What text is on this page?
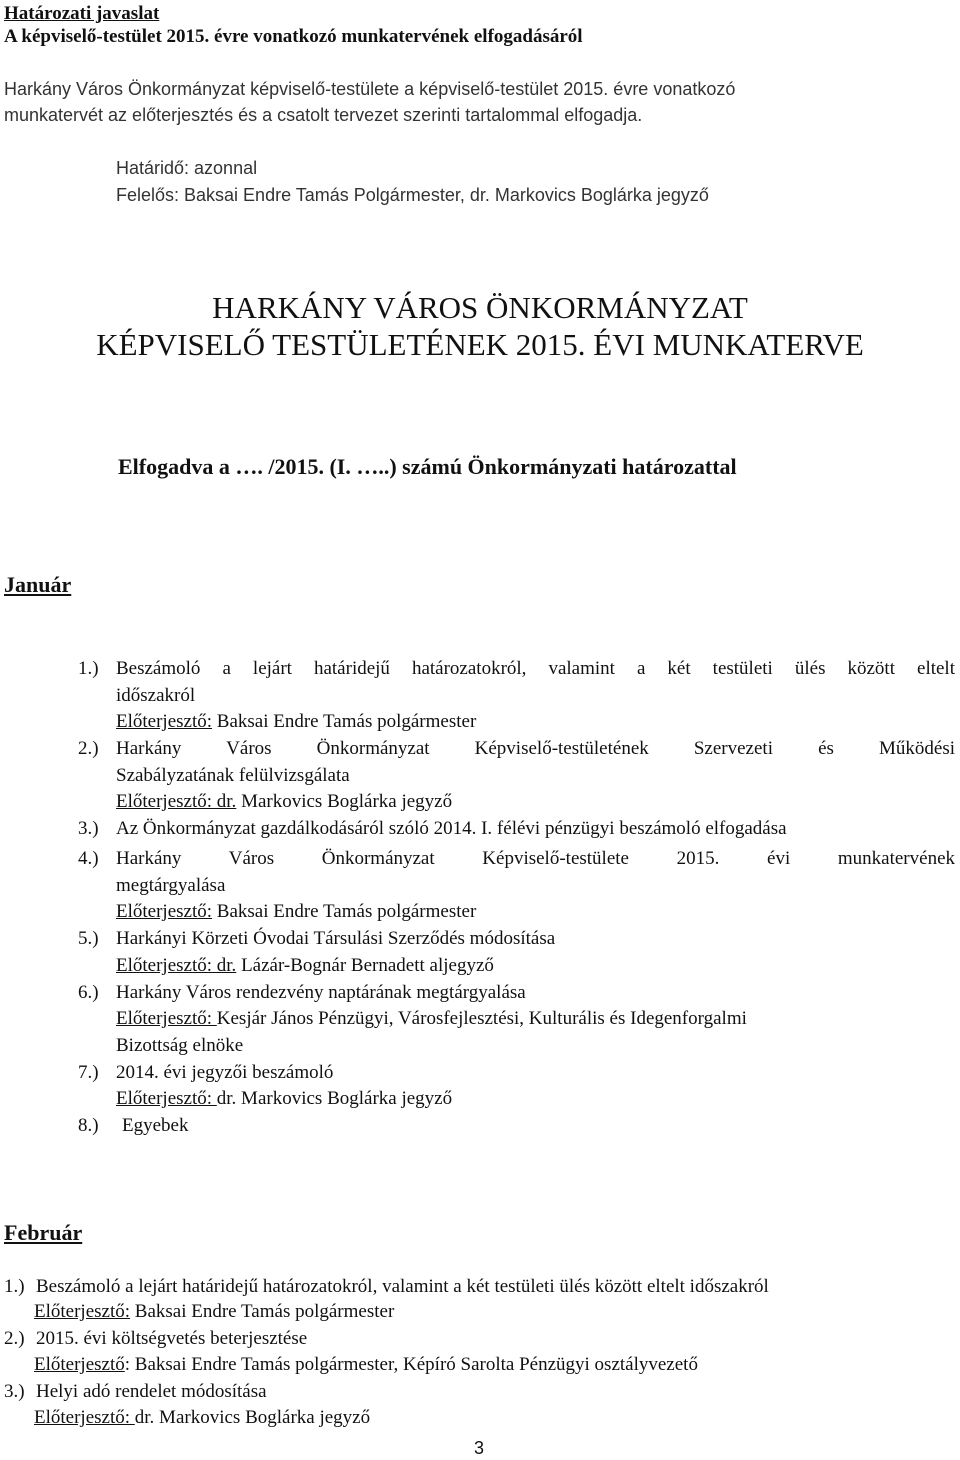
Határozati javaslat
A képviselő-testület 2015. évre vonatkozó munkatervének elfogadásáról
Harkány Város Önkormányzat képviselő-testülete a képviselő-testület 2015. évre vonatkozó
munkatervét az előterjesztés és a csatolt tervezet szerinti tartalommal elfogadja.
Határidő: azonnal
Felelős: Baksai Endre Tamás Polgármester, dr. Markovics Boglárka jegyző
HARKÁNY VÁROS ÖNKORMÁNYZAT
KÉPVISELŐ TESTÜLETÉNEK 2015. ÉVI MUNKATERVE
Elfogadva a …. /2015. (I. …..) számú Önkormányzati határozattal
Január
1.) Beszámoló a lejárt határidejű határozatokról, valamint a két testületi ülés között eltelt
időszakról
Előterjesztő: Baksai Endre Tamás polgármester
2.) Harkány Város Önkormányzat Képviselő-testületének Szervezeti és Működési
Szabályzatának felülvizsgálata
Előterjesztő: dr. Markovics Boglárka jegyző
3.) Az Önkormányzat gazdálkodásáról szóló 2014. I. félévi pénzügyi beszámoló elfogadása
4.) Harkány Város Önkormányzat Képviselő-testülete 2015. évi munkatervének
megtárgyalása
Előterjesztő: Baksai Endre Tamás polgármester
5.) Harkányi Körzeti Óvodai Társulási Szerződés módosítása
Előterjesztő: dr. Lázár-Bognár Bernadett aljegyző
6.) Harkány Város rendezvény naptárának megtárgyalása
Előterjesztő: Kesjár János Pénzügyi, Városfejlesztési, Kulturális és Idegenforgalmi
Bizottság elnöke
7.) 2014. évi jegyzői beszámoló
Előterjesztő: dr. Markovics Boglárka jegyző
8.) Egyebek
Február
1.) Beszámoló a lejárt határidejű határozatokról, valamint a két testületi ülés között eltelt időszakról
Előterjesztő: Baksai Endre Tamás polgármester
2.) 2015. évi költségvetés beterjesztése
Előterjesztő: Baksai Endre Tamás polgármester, Képíró Sarolta Pénzügyi osztályvezető
3.) Helyi adó rendelet módosítása
Előterjesztő: dr. Markovics Boglárka jegyző
3
